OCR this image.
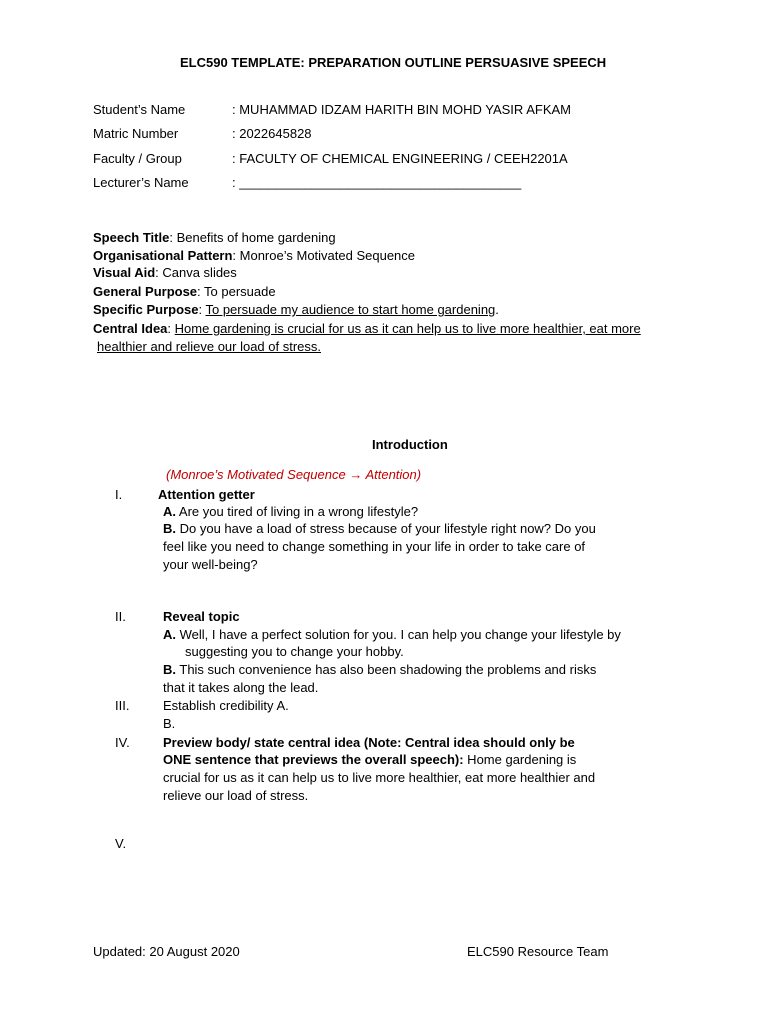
ELC590 TEMPLATE: PREPARATION OUTLINE PERSUASIVE SPEECH
Student’s Name	: MUHAMMAD IDZAM HARITH BIN MOHD YASIR AFKAM
Matric Number	: 2022645828
Faculty / Group	: FACULTY OF CHEMICAL ENGINEERING / CEEH2201A
Lecturer’s Name	: _______________________________________
Speech Title: Benefits of home gardening
Organisational Pattern: Monroe’s Motivated Sequence
Visual Aid: Canva slides
General Purpose: To persuade
Specific Purpose: To persuade my audience to start home gardening.
Central Idea: Home gardening is crucial for us as it can help us to live more healthier, eat more
healthier and relieve our load of stress.
Introduction
(Monroe’s Motivated Sequence → Attention)
I.	Attention getter
A. Are you tired of living in a wrong lifestyle?
B. Do you have a load of stress because of your lifestyle right now? Do you
feel like you need to change something in your life in order to take care of
your well-being?
II.	Reveal topic
A. Well, I have a perfect solution for you. I can help you change your lifestyle by
suggesting you to change your hobby.
B. This such convenience has also been shadowing the problems and risks
that it takes along the lead.
III.	Establish credibility A.
B.
IV.	Preview body/ state central idea (Note: Central idea should only be
ONE sentence that previews the overall speech): Home gardening is
crucial for us as it can help us to live more healthier, eat more healthier and
relieve our load of stress.
V.
Updated: 20 August 2020	ELC590 Resource Team
